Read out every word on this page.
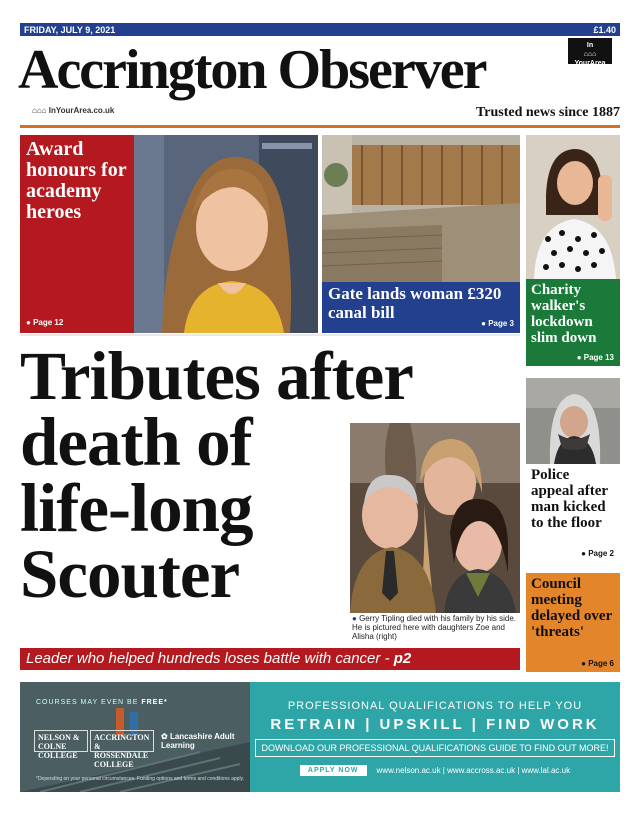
FRIDAY, JULY 9, 2021	£1.40
Accrington Observer	In
⌂⌂⌂
YourArea
⌂⌂⌂ InYourArea.co.uk	Trusted news since 1887
Award honours for academy heroes
● Page 12
Gate lands woman £320 canal bill
● Page 3
Charity walker's lockdown slim down
● Page 13
Tributes after
death of
life-long
Scouter
● Gerry Tipling died with his family by his side. He is pictured here with daughters Zoe and Alisha (right)
Leader who helped hundreds loses battle with cancer - p2
Police appeal after man kicked to the floor
● Page 2
Council meeting delayed over 'threats'
● Page 6
COURSES MAY EVEN BE FREE*
NELSON & COLNE COLLEGE
ACCRINGTON & ROSSENDALE COLLEGE
✿ Lancashire Adult Learning
*Depending on your personal circumstances. Funding options and terms and conditions apply.
PROFESSIONAL QUALIFICATIONS TO HELP YOU
RETRAIN | UPSKILL | FIND WORK
DOWNLOAD OUR PROFESSIONAL QUALIFICATIONS GUIDE TO FIND OUT MORE!
APPLY NOW	www.nelson.ac.uk | www.accross.ac.uk | www.lal.ac.uk
